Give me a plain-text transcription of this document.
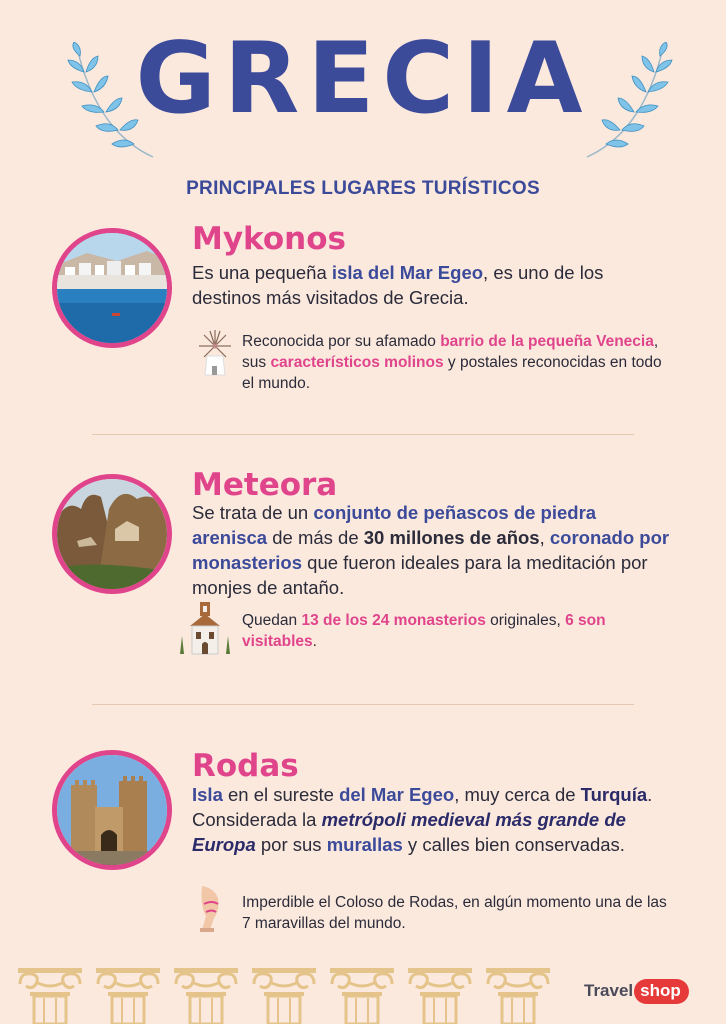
GRECIA
PRINCIPALES LUGARES TURÍSTICOS
Mykonos
Es una pequeña isla del Mar Egeo, es uno de los destinos más visitados de Grecia.
Reconocida por su afamado barrio de la pequeña Venecia, sus característicos molinos y postales reconocidas en todo el mundo.
Meteora
Se trata de un conjunto de peñascos de piedra arenisca de más de 30 millones de años, coronado por monasterios que fueron ideales para la meditación por monjes de antaño.
Quedan 13 de los 24 monasterios originales, 6 son visitables.
Rodas
Isla en el sureste del Mar Egeo, muy cerca de Turquía. Considerada la metrópoli medieval más grande de Europa por sus murallas y calles bien conservadas.
Imperdible el Coloso de Rodas, en algún momento una de las 7 maravillas del mundo.
Travel shop
